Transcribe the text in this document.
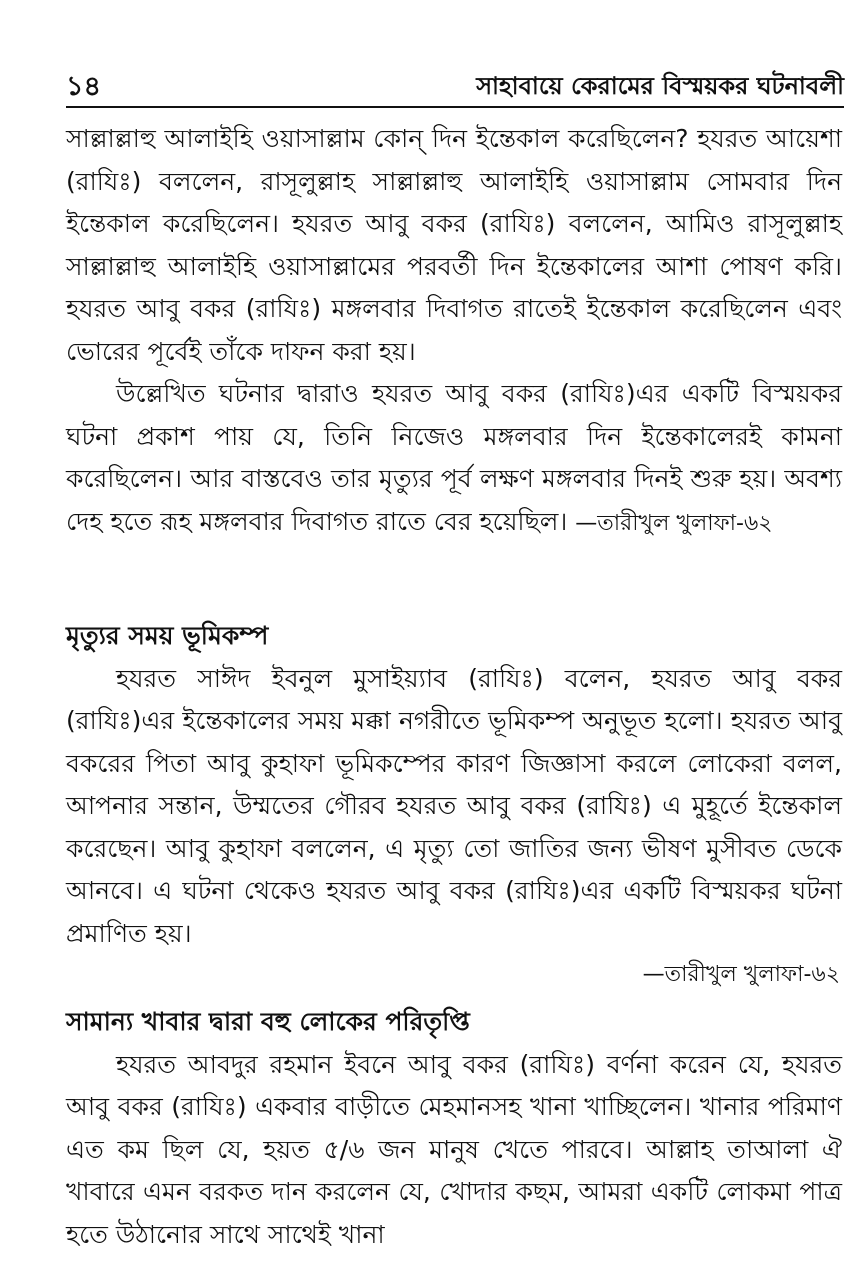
১৪	সাহাবায়ে কেরামের বিস্ময়কর ঘটনাবলী

সাল্লাল্লাহু আলাইহি ওয়াসাল্লাম কোন্ দিন ইন্তেকাল করেছিলেন? হযরত আয়েশা (রাযিঃ) বললেন, রাসূলুল্লাহ সাল্লাল্লাহু আলাইহি ওয়াসাল্লাম সোমবার দিন ইন্তেকাল করেছিলেন। হযরত আবু বকর (রাযিঃ) বললেন, আমিও রাসূলুল্লাহ সাল্লাল্লাহু আলাইহি ওয়াসাল্লামের পরবর্তী দিন ইন্তেকালের আশা পোষণ করি। হযরত আবু বকর (রাযিঃ) মঙ্গলবার দিবাগত রাতেই ইন্তেকাল করেছিলেন এবং ভোরের পূর্বেই তাঁকে দাফন করা হয়।

উল্লেখিত ঘটনার দ্বারাও হযরত আবু বকর (রাযিঃ)এর একটি বিস্ময়কর ঘটনা প্রকাশ পায় যে, তিনি নিজেও মঙ্গলবার দিন ইন্তেকালেরই কামনা করেছিলেন। আর বাস্তবেও তার মৃত্যুর পূর্ব লক্ষণ মঙ্গলবার দিনই শুরু হয়। অবশ্য দেহ হতে রূহ মঙ্গলবার দিবাগত রাতে বের হয়েছিল। —তারীখুল খুলাফা-৬২

মৃত্যুর সময় ভূমিকম্প

হযরত সাঈদ ইবনুল মুসাইয়্যাব (রাযিঃ) বলেন, হযরত আবু বকর (রাযিঃ)এর ইন্তেকালের সময় মক্কা নগরীতে ভূমিকম্প অনুভূত হলো। হযরত আবু বকরের পিতা আবু কুহাফা ভূমিকম্পের কারণ জিজ্ঞাসা করলে লোকেরা বলল, আপনার সন্তান, উম্মতের গৌরব হযরত আবু বকর (রাযিঃ) এ মুহূর্তে ইন্তেকাল করেছেন। আবু কুহাফা বললেন, এ মৃত্যু তো জাতির জন্য ভীষণ মুসীবত ডেকে আনবে। এ ঘটনা থেকেও হযরত আবু বকর (রাযিঃ)এর একটি বিস্ময়কর ঘটনা প্রমাণিত হয়।

—তারীখুল খুলাফা-৬২

সামান্য খাবার দ্বারা বহু লোকের পরিতৃপ্তি

হযরত আবদুর রহমান ইবনে আবু বকর (রাযিঃ) বর্ণনা করেন যে, হযরত আবু বকর (রাযিঃ) একবার বাড়ীতে মেহমানসহ খানা খাচ্ছিলেন। খানার পরিমাণ এত কম ছিল যে, হয়ত ৫/৬ জন মানুষ খেতে পারবে। আল্লাহ তাআলা ঐ খাবারে এমন বরকত দান করলেন যে, খোদার কছম, আমরা একটি লোকমা পাত্র হতে উঠানোর সাথে সাথেই খানা
